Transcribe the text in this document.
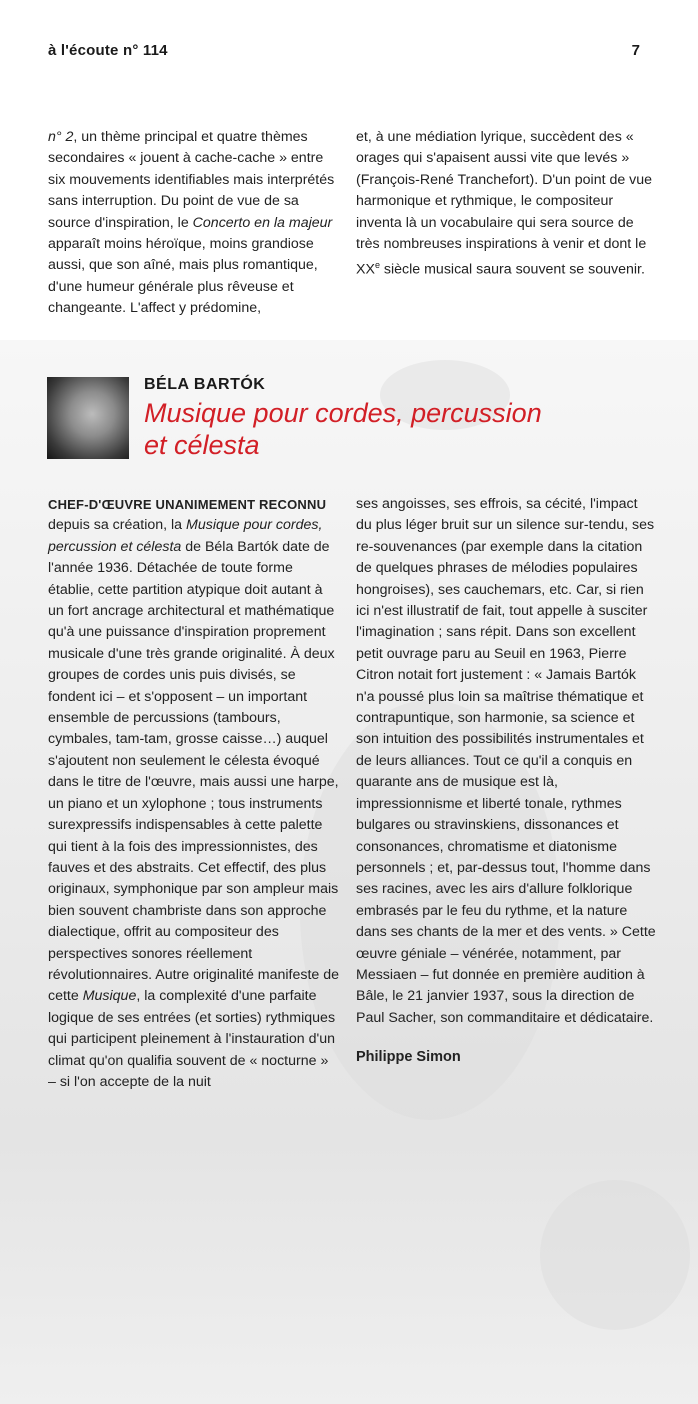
à l'écoute n° 114	7

n° 2, un thème principal et quatre thèmes secondaires « jouent à cache-cache » entre six mouvements identifiables mais interprétés sans interruption. Du point de vue de sa source d'inspiration, le Concerto en la majeur apparaît moins héroïque, moins grandiose aussi, que son aîné, mais plus romantique, d'une humeur générale plus rêveuse et changeante. L'affect y prédomine,

et, à une médiation lyrique, succèdent des « orages qui s'apaisent aussi vite que levés » (François-René Tranchefort). D'un point de vue harmonique et rythmique, le compositeur inventa là un vocabulaire qui sera source de très nombreuses inspirations à venir et dont le XXe siècle musical saura souvent se souvenir.

BÉLA BARTÓK
Musique pour cordes, percussion
et célesta

CHEF-D'ŒUVRE UNANIMEMENT RECONNU

depuis sa création, la Musique pour cordes, percussion et célesta de Béla Bartók date de l'année 1936. Détachée de toute forme établie, cette partition atypique doit autant à un fort ancrage architectural et mathématique qu'à une puissance d'inspiration proprement musicale d'une très grande originalité. À deux groupes de cordes unis puis divisés, se fondent ici – et s'opposent – un important ensemble de percussions (tambours, cymbales, tam-tam, grosse caisse…) auquel s'ajoutent non seulement le célesta évoqué dans le titre de l'œuvre, mais aussi une harpe, un piano et un xylophone ; tous instruments surexpressifs indispensables à cette palette qui tient à la fois des impressionnistes, des fauves et des abstraits. Cet effectif, des plus originaux, symphonique par son ampleur mais bien souvent chambriste dans son approche dialectique, offrit au compositeur des perspectives sonores réellement révolutionnaires. Autre originalité manifeste de cette Musique, la complexité d'une parfaite logique de ses entrées (et sorties) rythmiques qui participent pleinement à l'instauration d'un climat qu'on qualifia souvent de « nocturne » – si l'on accepte de la nuit

ses angoisses, ses effrois, sa cécité, l'impact du plus léger bruit sur un silence sur-tendu, ses re-souvenances (par exemple dans la citation de quelques phrases de mélodies populaires hongroises), ses cauchemars, etc. Car, si rien ici n'est illustratif de fait, tout appelle à susciter l'imagination ; sans répit. Dans son excellent petit ouvrage paru au Seuil en 1963, Pierre Citron notait fort justement : « Jamais Bartók n'a poussé plus loin sa maîtrise thématique et contrapuntique, son harmonie, sa science et son intuition des possibilités instrumentales et de leurs alliances. Tout ce qu'il a conquis en quarante ans de musique est là, impressionnisme et liberté tonale, rythmes bulgares ou stravinskiens, dissonances et consonances, chromatisme et diatonisme personnels ; et, par-dessus tout, l'homme dans ses racines, avec les airs d'allure folklorique embrasés par le feu du rythme, et la nature dans ses chants de la mer et des vents. » Cette œuvre géniale – vénérée, notamment, par Messiaen – fut donnée en première audition à Bâle, le 21 janvier 1937, sous la direction de Paul Sacher, son commanditaire et dédicataire.

Philippe Simon
